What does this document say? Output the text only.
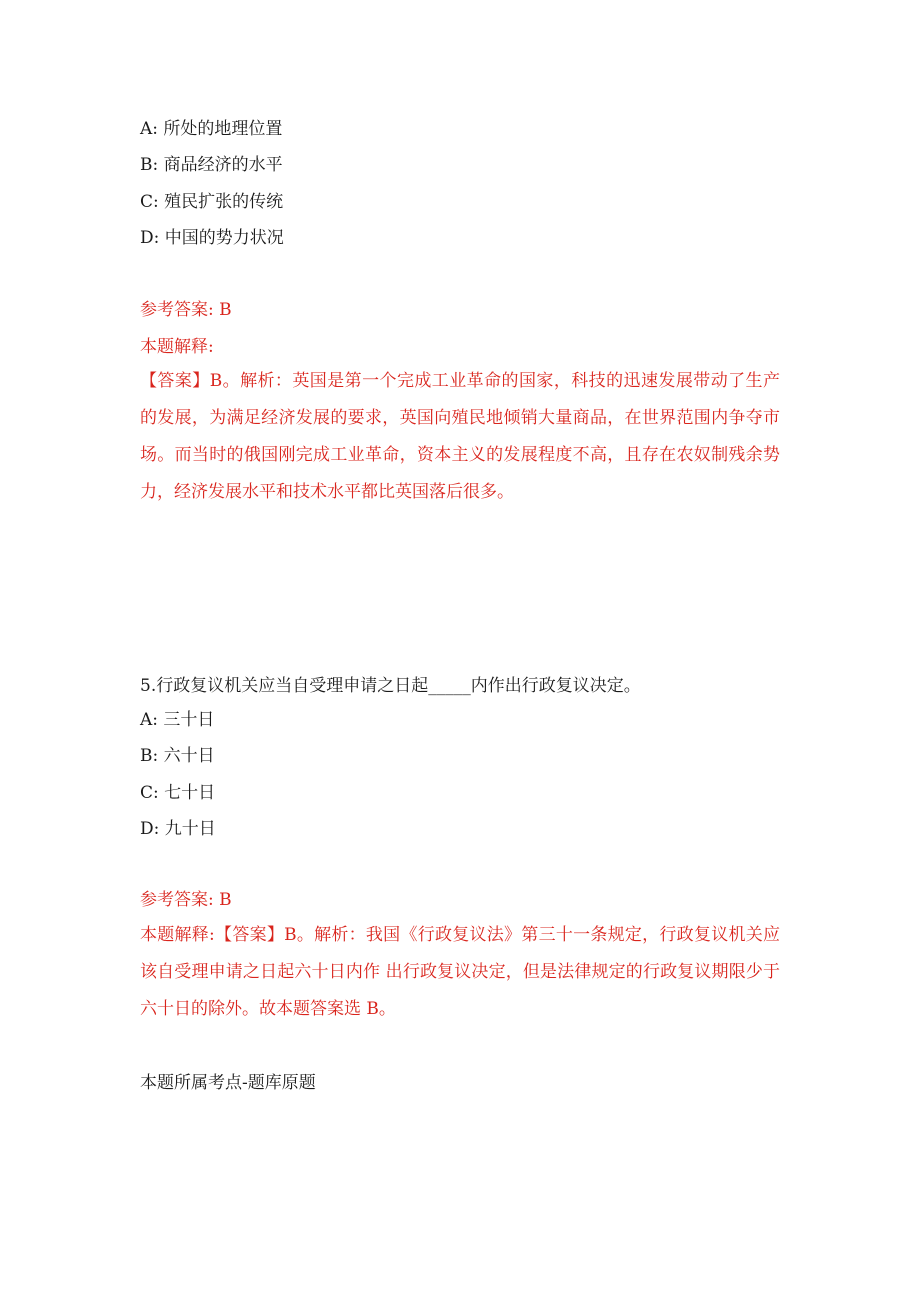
A: 所处的地理位置
B: 商品经济的水平
C: 殖民扩张的传统
D: 中国的势力状况
参考答案: B
本题解释:
【答案】B。解析：英国是第一个完成工业革命的国家，科技的迅速发展带动了生产的发展，为满足经济发展的要求，英国向殖民地倾销大量商品，在世界范围内争夺市场。而当时的俄国刚完成工业革命，资本主义的发展程度不高，且存在农奴制残余势力，经济发展水平和技术水平都比英国落后很多。
5.行政复议机关应当自受理申请之日起_____内作出行政复议决定。
A: 三十日
B: 六十日
C: 七十日
D: 九十日
参考答案: B
本题解释:【答案】B。解析：我国《行政复议法》第三十一条规定，行政复议机关应该自受理申请之日起六十日内作 出行政复议决定，但是法律规定的行政复议期限少于六十日的除外。故本题答案选 B。
本题所属考点-题库原题
